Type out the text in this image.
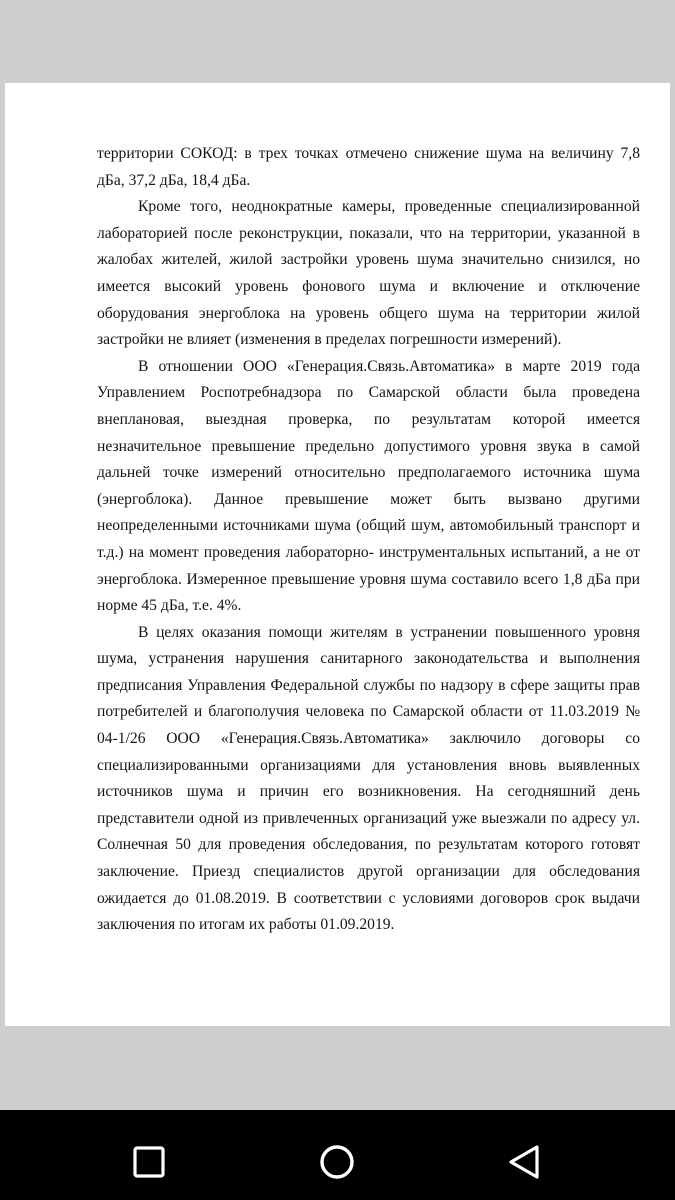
территории СОКОД: в трех точках отмечено снижение шума на величину 7,8 дБа, 37,2 дБа, 18,4 дБа.

Кроме того, неоднократные камеры, проведенные специализированной лабораторией после реконструкции, показали, что на территории, указанной в жалобах жителей, жилой застройки уровень шума значительно снизился, но имеется высокий уровень фонового шума и включение и отключение оборудования энергоблока на уровень общего шума на территории жилой застройки не влияет (изменения в пределах погрешности измерений).

В отношении ООО «Генерация.Связь.Автоматика» в марте 2019 года Управлением Роспотребнадзора по Самарской области была проведена внеплановая, выездная проверка, по результатам которой имеется незначительное превышение предельно допустимого уровня звука в самой дальней точке измерений относительно предполагаемого источника шума (энергоблока). Данное превышение может быть вызвано другими неопределенными источниками шума (общий шум, автомобильный транспорт и т.д.) на момент проведения лабораторно- инструментальных испытаний, а не от энергоблока. Измеренное превышение уровня шума составило всего 1,8 дБа при норме 45 дБа, т.е. 4%.

В целях оказания помощи жителям в устранении повышенного уровня шума, устранения нарушения санитарного законодательства и выполнения предписания Управления Федеральной службы по надзору в сфере защиты прав потребителей и благополучия человека по Самарской области от 11.03.2019 № 04-1/26 ООО «Генерация.Связь.Автоматика» заключило договоры со специализированными организациями для установления вновь выявленных источников шума и причин его возникновения. На сегодняшний день представители одной из привлеченных организаций уже выезжали по адресу ул. Солнечная 50 для проведения обследования, по результатам которого готовят заключение. Приезд специалистов другой организации для обследования ожидается до 01.08.2019. В соответствии с условиями договоров срок выдачи заключения по итогам их работы 01.09.2019.
